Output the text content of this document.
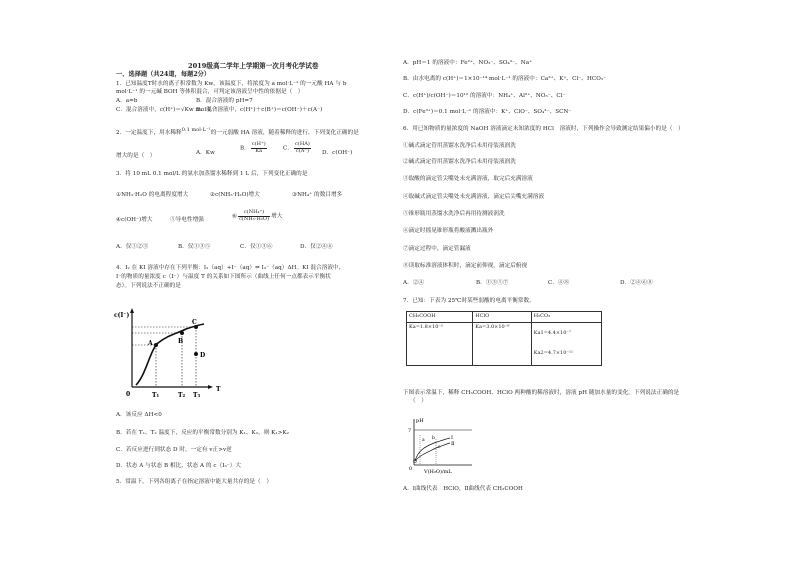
2019级高二学年上学期第一次月考化学试卷
一、选择题（共24道，每题2分）
1．已知温度T时水的离子积常数为 Kw，该温度下，将浓度为 a mol·L⁻¹ 的一元酸 HA 与 b
mol·L⁻¹ 的一元碱 BOH 等体积混合，可判定该溶液呈中性的依据是（　）
A．a=b	B．混合溶液的 pH=7
C．混合溶液中，c(H⁺)＝√Kw mol·L⁻¹
D．混合溶液中，c(H⁺)＋c(B⁺)＝c(OH⁻)＋c(A⁻)
2．一定温度下，用水稀释0.1 mol·L⁻¹的一元弱酸 HA 溶液，随着稀释的进行，下列变化正确的是
增大的是（　）	A．Kw
B． $\frac{c(H^+)}{Ka}$	C． $\frac{c(HA)}{c(A^-)}$ D．c(OH⁻)
3．将 10 mL 0.1 mol/L 的氨水加蒸馏水稀释到 1 L 后，下列变化正确的是
①NH₃·H₂O 的电离程度增大	②c(NH₃·H₂O)增大	③NH₄⁺ 的数目增多
④c(OH⁻)增大	⑤导电性增强
⑥ $\frac{\text{c(NH₄⁺)}}{\text{c(NH₃·H₂O)}}$ 增大
A．仅①②③	B．仅①③⑤	C．仅①③⑥	D．仅②④⑥
4．I₂ 在 KI 溶液中存在下列平衡：I₂（aq）+I⁻（aq）⇌ I₃⁻（aq）ΔH。KI 混合溶液中，
I⁻的物质的量浓度 c（I⁻）与温度 T 的关系如下图所示（曲线上任何一点都表示平衡状
态）。下列说法不正确的是
c(I⁻)
T
0	T₁	T₂ T₃
A	B
C
D
A．该反应 ΔH<0
B．若在 T₁、T₂ 温度下，反应的平衡常数分别为 K₁、K₂，则 K₁>K₂
C．若反应进行到状态 D 时，一定有 v正>v逆
D．状态 A 与状态 B 相比，状态 A 的 c（I₃⁻）大
5．常温下，下列各组离子在指定溶液中能大量共存的是（　）
A．pH＝1 的溶液中：Fe²⁺、NO₃⁻、SO₄²⁻、Na⁺
B．由水电离的 c(H⁺)＝1×10⁻¹⁴ mol·L⁻¹ 的溶液中：Ca²⁺、K⁺、Cl⁻、HCO₃⁻
C．c(H⁺)/c(OH⁻)＝10¹² 的溶液中：NH₄⁺、Al³⁺、NO₃⁻、Cl⁻
D．c(Fe³⁺)＝0.1 mol·L⁻¹ 的溶液中：K⁺、ClO⁻、SO₄²⁻、SCN⁻
6．用已知物质的量浓度的 NaOH 溶液滴定未知浓度的 HCl　溶液时，下列操作会导致测定结果偏小的是（　）
①碱式滴定管用蒸馏水洗净后未用待装液润洗
②碱式滴定管用蒸馏水洗净后未用待装液润洗
③取酸的滴定管尖嘴处未充满溶液，取完后充满溶液
④取碱式滴定管尖嘴处未充满溶液，滴定后尖嘴充满溶液
⑤锥形瓶用蒸馏水洗净后再用待测液润洗
⑥滴定时摇晃锥形瓶将酸液溅出瓶外
⑦滴定过程中，滴定管漏液
⑧读取标准溶液体积时，滴定前仰视，滴定后俯视
A．②④	B．①③⑤⑦	C．④⑧	D．②④⑥⑧
7．已知：下表为 25℃时某些弱酸的电离平衡常数。
CH₃COOH	HClO	H₂CO₃
Ka=1.8×10⁻⁵	Ka=3.0×10⁻⁸	Ka1=4.4×10⁻⁷
Ka2=4.7×10⁻¹¹
下图表示常温下，稀释 CH₃COOH、HClO 两种酸的稀溶液时，溶液 pH 随加水量的变化。下列说法正确的是
（　）
pH
7
0 V(H₂O)/mL
Ⅰ
Ⅱ
a b
c
A．Ⅰ曲线代表　HClO，Ⅱ曲线代表 CH₃COOH
